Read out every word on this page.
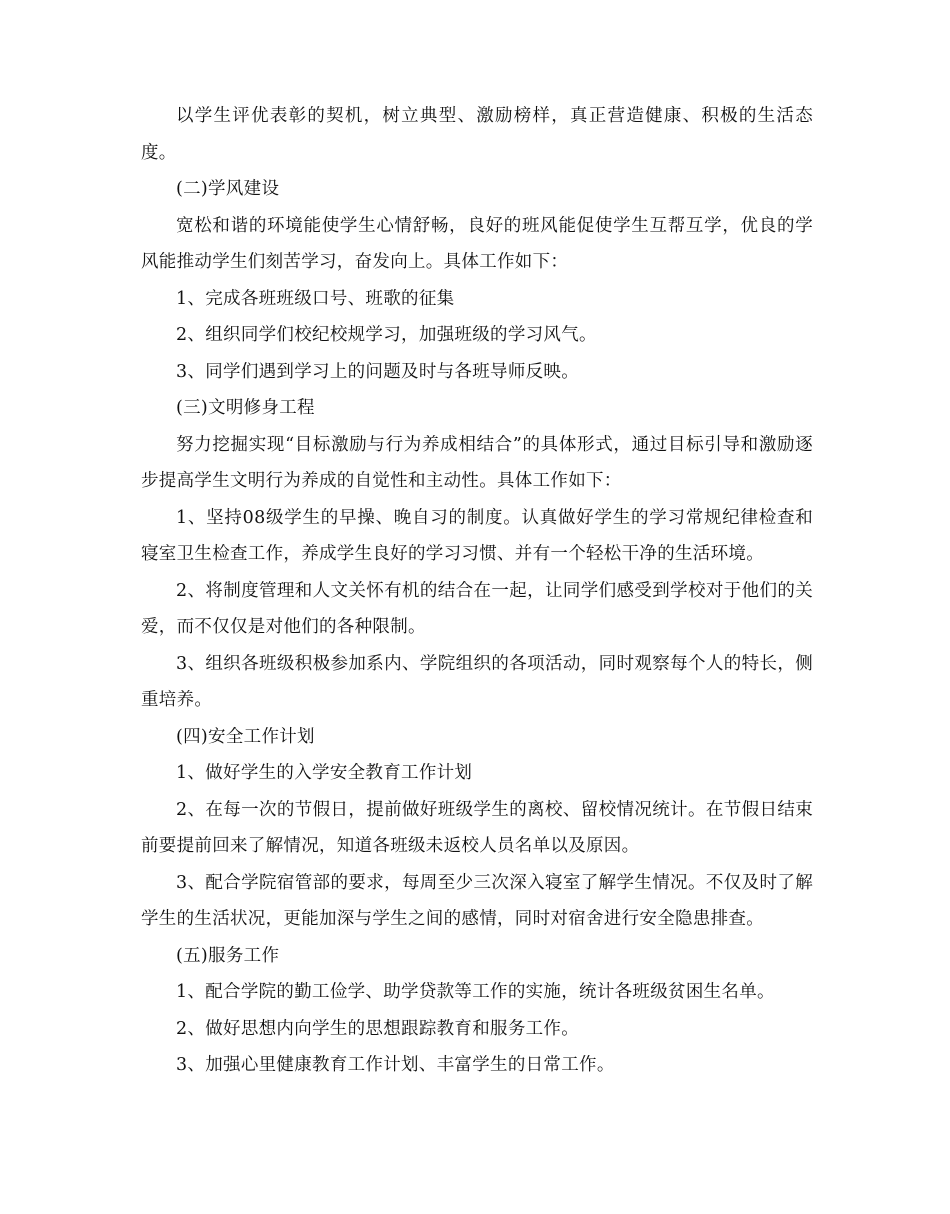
以学生评优表彰的契机，树立典型、激励榜样，真正营造健康、积极的生活态度。

(二)学风建设

宽松和谐的环境能使学生心情舒畅，良好的班风能促使学生互帮互学，优良的学风能推动学生们刻苦学习，奋发向上。具体工作如下：

1、完成各班班级口号、班歌的征集

2、组织同学们校纪校规学习，加强班级的学习风气。

3、同学们遇到学习上的问题及时与各班导师反映。

(三)文明修身工程

努力挖掘实现“目标激励与行为养成相结合”的具体形式，通过目标引导和激励逐步提高学生文明行为养成的自觉性和主动性。具体工作如下：

1、坚持08级学生的早操、晚自习的制度。认真做好学生的学习常规纪律检查和寝室卫生检查工作，养成学生良好的学习习惯、并有一个轻松干净的生活环境。

2、将制度管理和人文关怀有机的结合在一起，让同学们感受到学校对于他们的关爱，而不仅仅是对他们的各种限制。

3、组织各班级积极参加系内、学院组织的各项活动，同时观察每个人的特长，侧重培养。

(四)安全工作计划

1、做好学生的入学安全教育工作计划

2、在每一次的节假日，提前做好班级学生的离校、留校情况统计。在节假日结束前要提前回来了解情况，知道各班级未返校人员名单以及原因。

3、配合学院宿管部的要求，每周至少三次深入寝室了解学生情况。不仅及时了解学生的生活状况，更能加深与学生之间的感情，同时对宿舍进行安全隐患排查。

(五)服务工作

1、配合学院的勤工俭学、助学贷款等工作的实施，统计各班级贫困生名单。

2、做好思想内向学生的思想跟踪教育和服务工作。

3、加强心里健康教育工作计划、丰富学生的日常工作。
